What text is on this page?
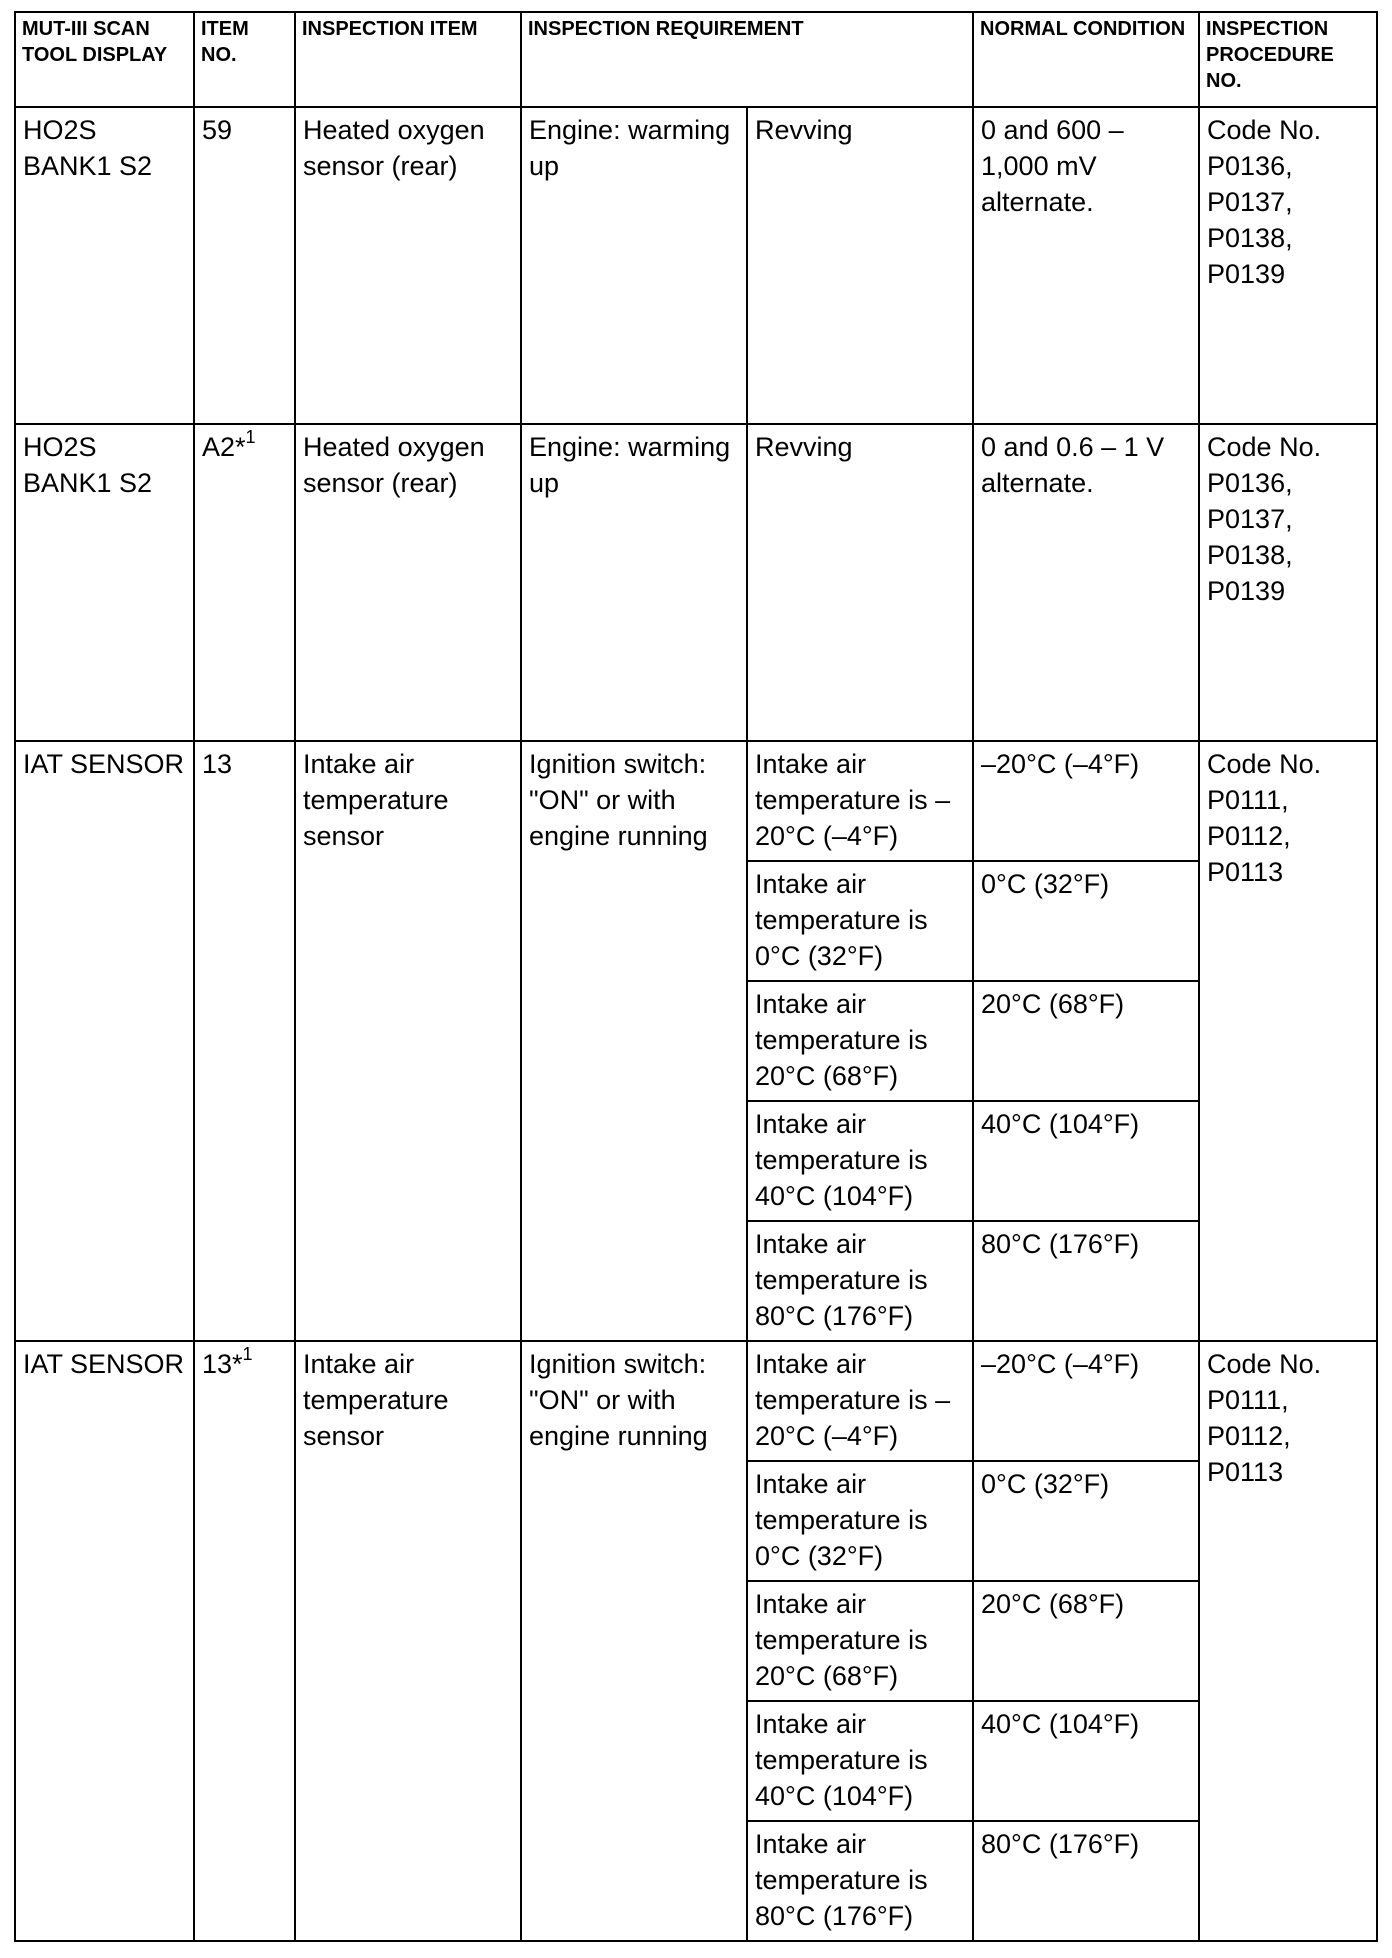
MUT-III SCAN TOOL DISPLAY	ITEM NO.	INSPECTION ITEM	INSPECTION REQUIREMENT		NORMAL CONDITION	INSPECTION PROCEDURE NO.
HO2S BANK1 S2	59	Heated oxygen sensor (rear)	Engine: warming up	Revving	0 and 600 – 1,000 mV alternate.	Code No. P0136, P0137, P0138, P0139
HO2S BANK1 S2	A2*$^1$	Heated oxygen sensor (rear)	Engine: warming up	Revving	0 and 0.6 – 1 V alternate.	Code No. P0136, P0137, P0138, P0139
IAT SENSOR	13	Intake air temperature sensor	Ignition switch: "ON" or with engine running	Intake air temperature is –20°C (–4°F)	–20°C (–4°F)	Code No. P0111, P0112, P0113
				Intake air temperature is 0°C (32°F)	0°C (32°F)	
				Intake air temperature is 20°C (68°F)	20°C (68°F)	
				Intake air temperature is 40°C (104°F)	40°C (104°F)	
				Intake air temperature is 80°C (176°F)	80°C (176°F)	
IAT SENSOR	13*$^1$	Intake air temperature sensor	Ignition switch: "ON" or with engine running	Intake air temperature is –20°C (–4°F)	–20°C (–4°F)	Code No. P0111, P0112, P0113
				Intake air temperature is 0°C (32°F)	0°C (32°F)	
				Intake air temperature is 20°C (68°F)	20°C (68°F)	
				Intake air temperature is 40°C (104°F)	40°C (104°F)	
				Intake air temperature is 80°C (176°F)	80°C (176°F)	
